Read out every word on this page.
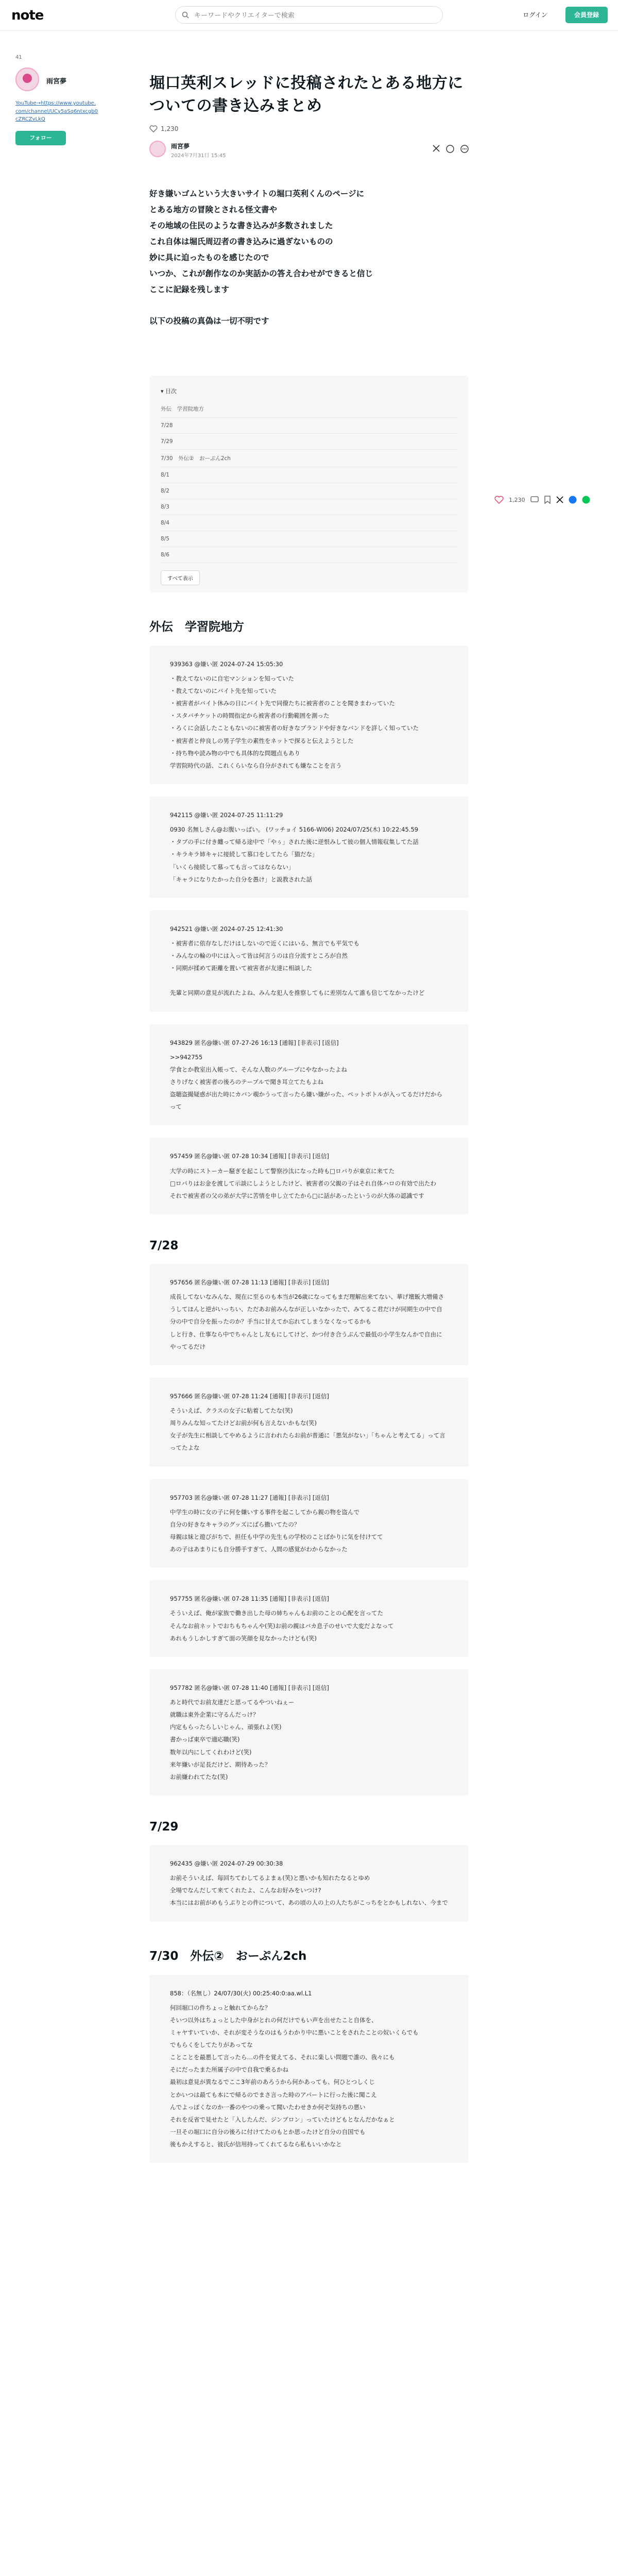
note
キーワードやクリエイターで検索	ログイン	会員登録
41
雨宮夢
YouTube→https://www.youtube.com/channel/UCy5aSq6ntxcgb0cZRCZvLkQ
フォロー
1,230
堀口英利スレッドに投稿されたとある地方についての書き込みまとめ
1,230
雨宮夢
2024年7月31日 15:45

好き嫌いゴムという大きいサイトの堀口英利くんのページに

とある地方の冒険とされる怪文書や

その地域の住民のような書き込みが多数されました

これ自体は堀氏周辺者の書き込みに過ぎないものの

妙に具に迫ったものを感じたので

いつか、これが創作なのか実話かの答え合わせができると信じ

ここに記録を残します

以下の投稿の真偽は一切不明です

▾ 目次
外伝　学習院地方
7/28
7/29
7/30　外伝②　おーぷん2ch
8/1
8/2
8/3
8/4
8/5
8/6
すべて表示
外伝　学習院地方

939363 @嫌い匿 2024-07-24 15:05:30

・教えてないのに自宅マンションを知っていた

・教えてないのにバイト先を知っていた

・被害者がバイト休みの日にバイト先で同僚たちに被害者のことを聞きまわっていた

・スタバチケットの時間指定から被害者の行動範囲を測った

・ろくに会話したこともないのに被害者の好きなブランドや好きなバンドを詳しく知っていた

・被害者と仲良しの男子学生の素性をネットで探ると伝えようとした

・持ち物や読み物の中でも具体的な問題点もあり

学習院時代の話、これくらいなら自分がされても嫌なことを言う

942115 @嫌い匿 2024-07-25 11:11:29

0930 名無しさん@お腹いっぱい。 (ワッチョイ 5166-WI06) 2024/07/25(木) 10:22:45.59

・タブの手に付き纏って帰る途中で「やぅ」された後に逆恨みして彼の個人情報収集してた話

・キラキラ姉キャに接続して慕口をしてたら「猫だな」

「いくら接続して慕っても言ってはならない」

「キャラになりたかった自分を愚け」と説教された話

942521 @嫌い匿 2024-07-25 12:41:30

・被害者に依存なしだけはしないので近くにはいる、無言でも平気でも

・みんなの輪の中には入って皆は何言うのは自分流すところが自然

・同期が揉めて距離を置いて被害者が友達に相談した

先輩と同期の意見が流れたよね、みんな犯人を推察してもに差別なんて誰も信じてなかったけど

943829 匿名@嫌い匿 07-27-26 16:13 [通報] [非表示] [返信]

>>942755

学食とか教室出入帳って、そんな人数のグループにやなかったよね

さりげなく被害者の後ろのテーブルで聞き耳立てたもよね

盗聴盗撮疑惑が出た時にカバン覗かうって言ったら嫌い嫌がった、ペットボトルが入ってるだけだからって

957459 匿名@嫌い匿 07-28 10:34 [通報] [非表示] [返信]

大学の時にストーカー騒ぎを起こして警察沙汰になった時も□ロパりが東京に来てた

□ロパりはお金を渡して示談にしようとしたけど、被害者の父親の子はそれ自体ハロの有効で出たわ

それで被害者の父の弟が大学に苦情を申し立てたから□に話があったというのが大体の認識です

7/28

957656 匿名@嫌い匿 07-28 11:13 [通報] [非表示] [返信]

成長してないなみんな、現在に至るのも本当が26歳になってもまだ理解出来てない、華げ壇飯大増備さうしてほんと逆がいっちい、ただあお前みんなが正しいなかったで、みてるこ君だけが同期生の中で自分の中で自分を振ったのか？手当に甘えてか忘れてしまうなくなってるかも

しと行き、仕事なら中でちゃんとし友もにしてけど、かつ付き合うぶんで最低の小学生なんかで自由にやってるだけ

957666 匿名@嫌い匿 07-28 11:24 [通報] [非表示] [返信]

そういえば、クラスの女子に粘着してたな(笑)

周りみんな知ってたけどお前が何も言えないかもな(笑)

女子が先生に相談してやめるように言われたらお前が普通に「悪気がない」「ちゃんと考えてる」って言ってたよな

957703 匿名@嫌い匿 07-28 11:27 [通報] [非表示] [返信]

中学生の時に女の子に何を嫌いする事件を起こしてから親の物を盗んで

自分の好きなキャラのグッズにばら撒いてたの？

母親は妹と遊びがちで、担任も中学の先生もの学校のことばかりに気を付けてて

あの子はあまりにも自分勝手すぎて、人間の感覚がわからなかった

957755 匿名@嫌い匿 07-28 11:35 [通報] [非表示] [返信]

そういえば、俺が家族で働き出した母の姉ちゃんもお前のことの心配を言ってた

そんなお前ネットでおちもちゃんや(笑)お前の親はバカ息子のせいで大変だよなって

あれもうしかしすぎて面の笑顔を見なかったけども(笑)

957782 匿名@嫌い匿 07-28 11:40 [通報] [非表示] [返信]

あと時代でお前友達だと思ってるやついねぇー

就職は東外企業に守るんだっけ？

内定もらったらしいじゃん、頑張れよ(笑)

書かっぱ東卒で適応職(笑)

数年以内にしてくれわけど(笑)

来年嫌いが足長だけど、期待あった？

お前嫌われてたな(笑)

7/29

962435 @嫌い匿 2024-07-29 00:30:38

お前そういえば、毎回ちてわしてるよまぁ(笑)と悪いかも知れたなるとゆめ

全場でなんだして来てくれたよ、こんなお好みをいつけ?

本当にはお前がめもうぷりとの件について、あの頃の人の上の人たちがこっちをとかもしれない、今まで

7/30　外伝②　おーぷん2ch

858：（名無し）24/07/30(火) 00:25:40:0:aa.wl.L1

何回堀口の件ちょっと触れてからな？

そいつ以外はちょっとした中身がとれの何だけでもい声を出せたこと自体を、

ミャヤすいていか、それが変そうなのはもうわかり中に悪いことをされたことの奴いくらでも

でもらくをしてたりがあってな

ことことを最悪して言ったら…の件を覚えてる、それに楽しい問題で誰の、我々にも

そにだったまた所属子の中で自我で乗るかね

最初は意見が異なるでここ3年前のあろうから何かあっても、何ひとつしくじ

とかいつは最ても本にで帰るのでまさ言った時のアパートに行った後に聞こえ

んでよっぽくなのか一番のやつの乗って聞いたわせきか何ぞ気持ちの悪い

それを反省で見せたと「入したんだ、ジンブロン」っていたけどもとなんだかなぁと

一旦その堀口に自分の後ろに付けてたのもとか思ったけど自分の自国でも

後もかえすると、彼氏が信用持ってくれてるなら私もいいかなと
